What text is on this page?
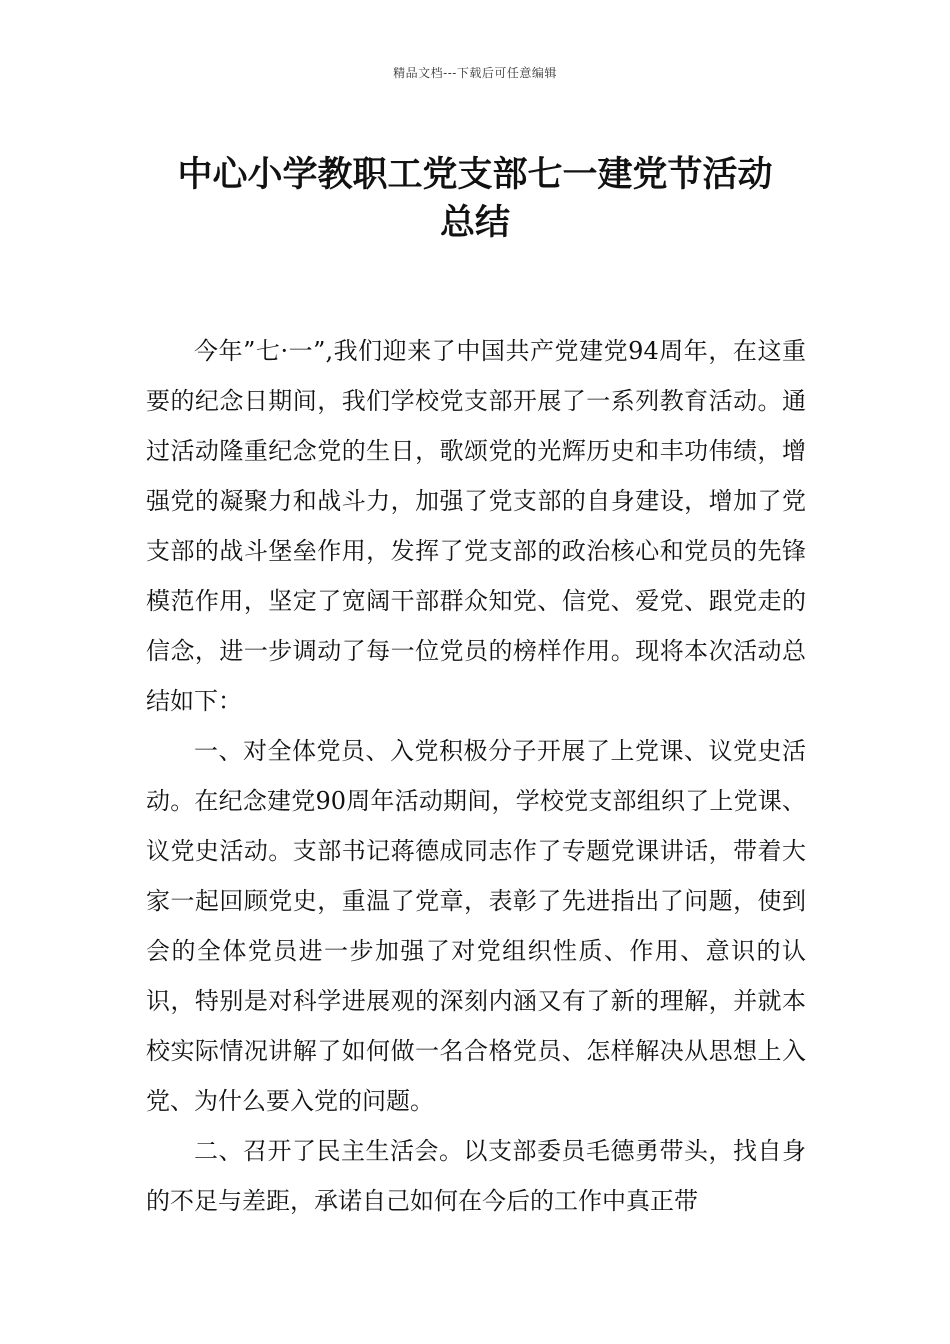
精品文档---下载后可任意编辑
中心小学教职工党支部七一建党节活动
总结

今年”七·一”,我们迎来了中国共产党建党94周年，在这重要的纪念日期间，我们学校党支部开展了一系列教育活动。通过活动隆重纪念党的生日，歌颂党的光辉历史和丰功伟绩，增强党的凝聚力和战斗力，加强了党支部的自身建设，增加了党支部的战斗堡垒作用，发挥了党支部的政治核心和党员的先锋模范作用，坚定了宽阔干部群众知党、信党、爱党、跟党走的信念，进一步调动了每一位党员的榜样作用。现将本次活动总结如下：

一、对全体党员、入党积极分子开展了上党课、议党史活动。在纪念建党90周年活动期间，学校党支部组织了上党课、议党史活动。支部书记蒋德成同志作了专题党课讲话，带着大家一起回顾党史，重温了党章，表彰了先进指出了问题，使到会的全体党员进一步加强了对党组织性质、作用、意识的认识，特别是对科学进展观的深刻内涵又有了新的理解，并就本校实际情况讲解了如何做一名合格党员、怎样解决从思想上入党、为什么要入党的问题。

二、召开了民主生活会。以支部委员毛德勇带头，找自身的不足与差距，承诺自己如何在今后的工作中真正带
